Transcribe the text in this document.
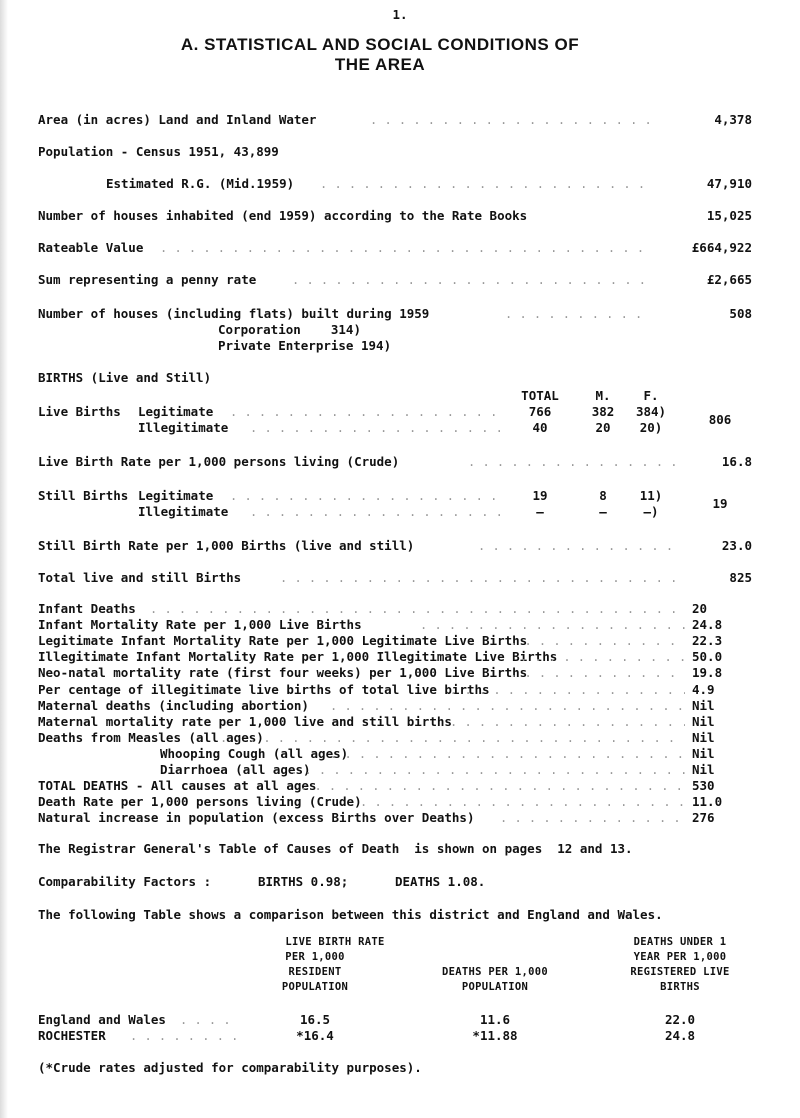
1.
A. STATISTICAL AND SOCIAL CONDITIONS OF
THE AREA
Area (in acres) Land and Inland Water . . .	4,378
Population - Census 1951, 43,899
Estimated R.G. (Mid.1959) . . .	47,910
Number of houses inhabited (end 1959) according to the Rate Books	15,025
Rateable Value . . .	£664,922
Sum representing a penny rate . . .	£2,665
Number of houses (including flats) built during 1959 . . .	508
Corporation    314)
Private Enterprise 194)
BIRTHS (Live and Still)
TOTAL	M.	F.
Live Births Legitimate . . .	766	382	384)
Illegitimate . . .	40	20	20)
806
Live Birth Rate per 1,000 persons living (Crude) . . .	16.8
Still Births Legitimate . . .	19	8	11)
Illegitimate . . .	–	–	–)
19
Still Birth Rate per 1,000 Births (live and still) . . .	23.0
Total live and still Births . . .	825
Infant Deaths . . .	20
Infant Mortality Rate per 1,000 Live Births . . .	24.8
Legitimate Infant Mortality Rate per 1,000 Legitimate Live Births . . .	22.3
Illegitimate Infant Mortality Rate per 1,000 Illegitimate Live Births . . .	50.0
Neo-natal mortality rate (first four weeks) per 1,000 Live Births . . .	19.8
Per centage of illegitimate live births of total live births . . .	4.9
Maternal deaths (including abortion) . . .	Nil
Maternal mortality rate per 1,000 live and still births . . .	Nil
Deaths from Measles (all ages) . . .	Nil
Whooping Cough (all ages) . . .	Nil
Diarrhoea (all ages) . . .	Nil
TOTAL DEATHS - All causes at all ages . . .	530
Death Rate per 1,000 persons living (Crude) . . .	11.0
Natural increase in population (excess Births over Deaths) . . .	276
The Registrar General's Table of Causes of Death  is shown on pages  12 and 13.
Comparability Factors :	BIRTHS 0.98;	DEATHS 1.08.
The following Table shows a comparison between this district and England and Wales.
LIVE BIRTH RATE
PER 1,000
RESIDENT
POPULATION
DEATHS PER 1,000
POPULATION
DEATHS UNDER 1
YEAR PER 1,000
REGISTERED LIVE
BIRTHS
England and Wales . . .	16.5	11.6	22.0
ROCHESTER . . .	*16.4	*11.88	24.8
(*Crude rates adjusted for comparability purposes).
